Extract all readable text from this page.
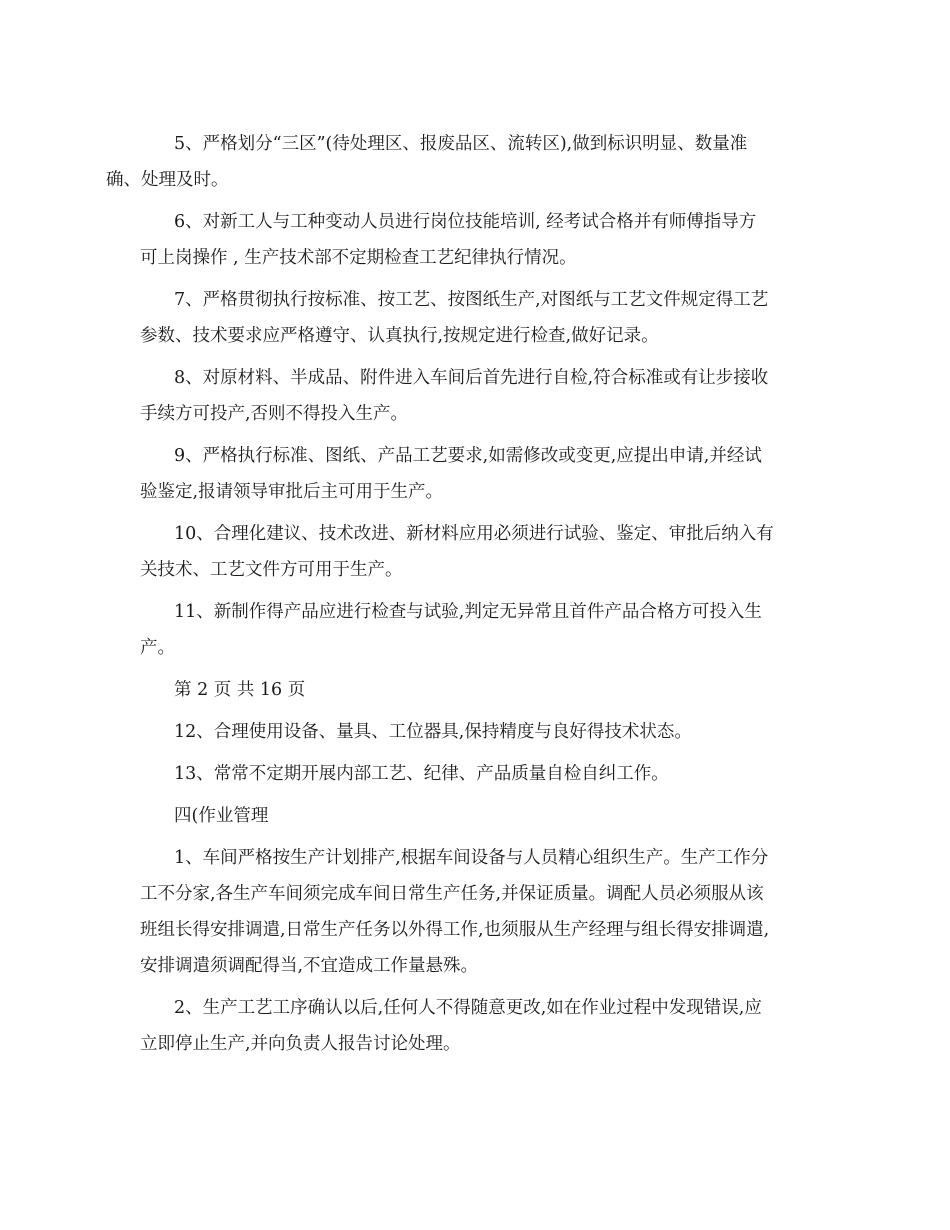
5、严格划分“三区”(待处理区、报废品区、流转区),做到标识明显、数量准
确、处理及时。

6、对新工人与工种变动人员进行岗位技能培训, 经考试合格并有师傅指导方
可上岗操作 , 生产技术部不定期检查工艺纪律执行情况。

7、严格贯彻执行按标准、按工艺、按图纸生产,对图纸与工艺文件规定得工艺
参数、技术要求应严格遵守、认真执行,按规定进行检查,做好记录。

8、对原材料、半成品、附件进入车间后首先进行自检,符合标准或有让步接收
手续方可投产,否则不得投入生产。

9、严格执行标准、图纸、产品工艺要求,如需修改或变更,应提出申请,并经试
验鉴定,报请领导审批后主可用于生产。

10、合理化建议、技术改进、新材料应用必须进行试验、鉴定、审批后纳入有
关技术、工艺文件方可用于生产。

11、新制作得产品应进行检查与试验,判定无异常且首件产品合格方可投入生
产。

第 2 页 共 16 页

12、合理使用设备、量具、工位器具,保持精度与良好得技术状态。

13、常常不定期开展内部工艺、纪律、产品质量自检自纠工作。

四(作业管理

1、车间严格按生产计划排产,根据车间设备与人员精心组织生产。生产工作分
工不分家,各生产车间须完成车间日常生产任务,并保证质量。调配人员必须服从该
班组长得安排调遣,日常生产任务以外得工作,也须服从生产经理与组长得安排调遣,
安排调遣须调配得当,不宜造成工作量悬殊。

2、生产工艺工序确认以后,任何人不得随意更改,如在作业过程中发现错误,应
立即停止生产,并向负责人报告讨论处理。
